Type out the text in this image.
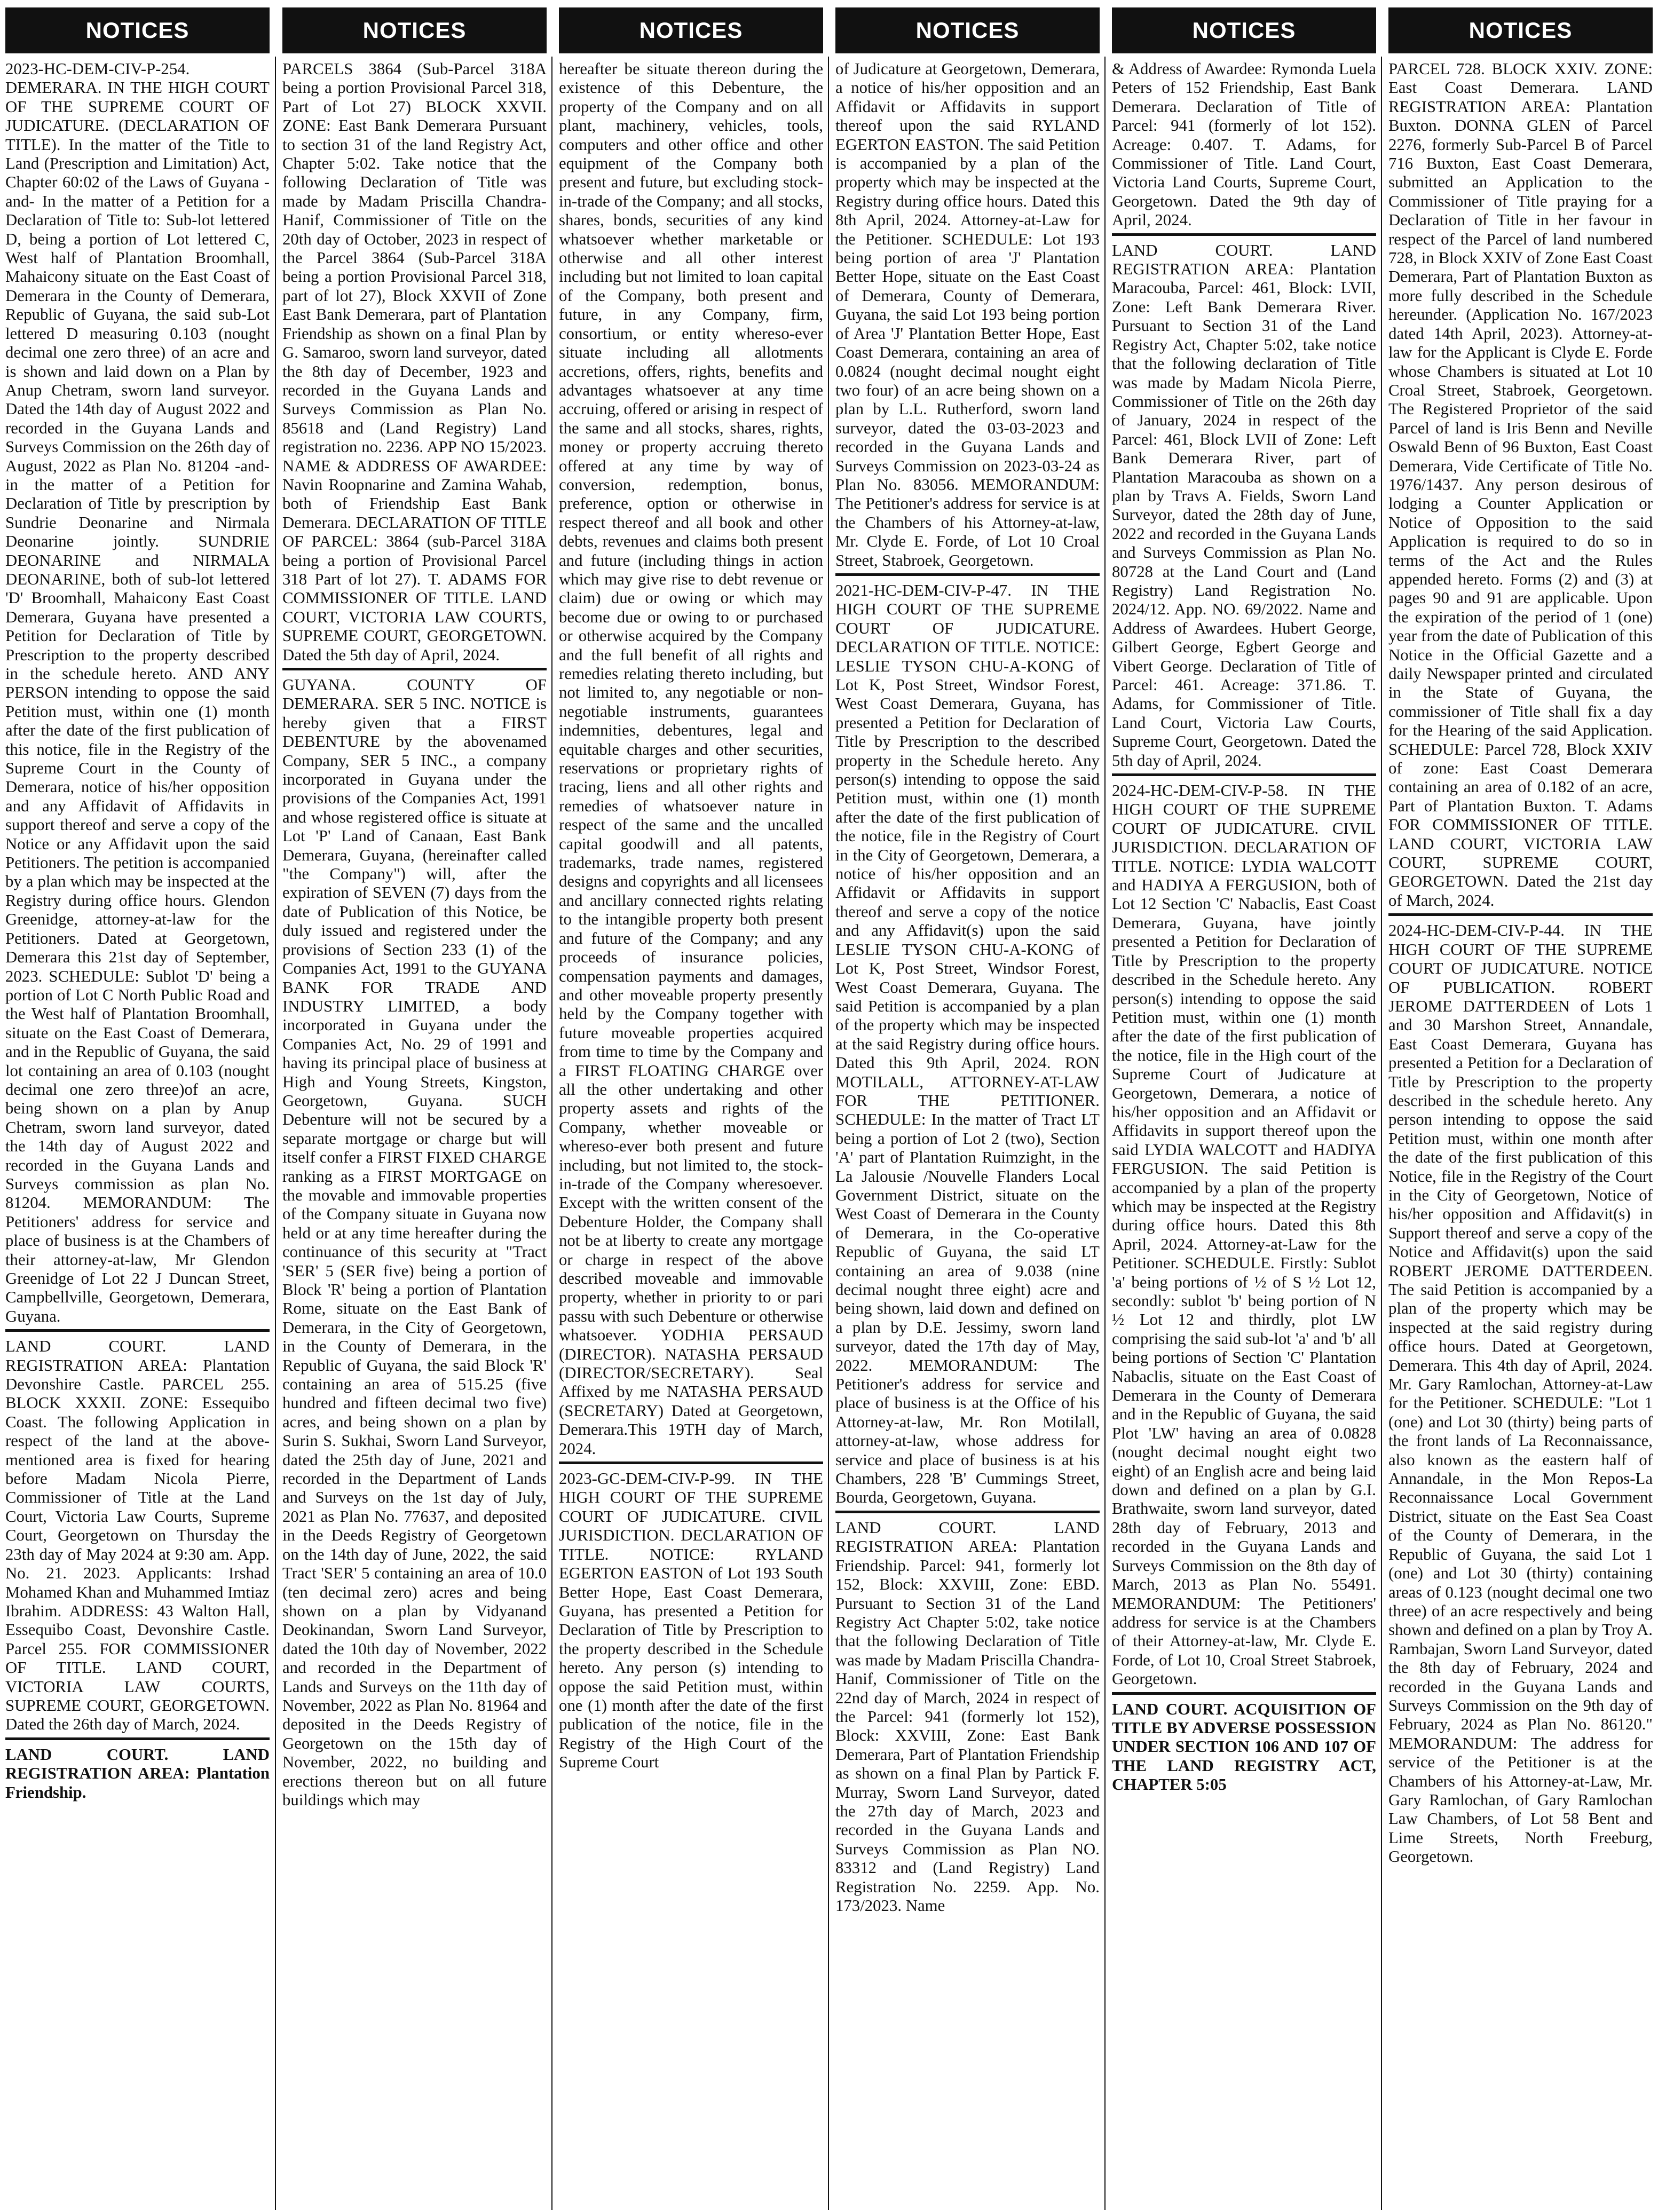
NOTICES

2023-HC-DEM-CIV-P-254. DEMERARA. IN THE HIGH COURT OF THE SUPREME COURT OF JUDICATURE. (DECLARATION OF TITLE). In the matter of the Title to Land (Prescription and Limitation) Act, Chapter 60:02 of the Laws of Guyana -and- In the matter of a Petition for a Declaration of Title to: Sub-lot lettered D, being a portion of Lot lettered C, West half of Plantation Broomhall, Mahaicony situate on the East Coast of Demerara in the County of Demerara, Republic of Guyana, the said sub-Lot lettered D measuring 0.103 (nought decimal one zero three) of an acre and is shown and laid down on a Plan by Anup Chetram, sworn land surveyor. Dated the 14th day of August 2022 and recorded in the Guyana Lands and Surveys Commission on the 26th day of August, 2022 as Plan No. 81204 -and- in the matter of a Petition for Declaration of Title by prescription by Sundrie Deonarine and Nirmala Deonarine jointly. SUNDRIE DEONARINE and NIRMALA DEONARINE, both of sub-lot lettered 'D' Broomhall, Mahaicony East Coast Demerara, Guyana have presented a Petition for Declaration of Title by Prescription to the property described in the schedule hereto. AND ANY PERSON intending to oppose the said Petition must, within one (1) month after the date of the first publication of this notice, file in the Registry of the Supreme Court in the County of Demerara, notice of his/her opposition and any Affidavit of Affidavits in support thereof and serve a copy of the Notice or any Affidavit upon the said Petitioners. The petition is accompanied by a plan which may be inspected at the Registry during office hours. Glendon Greenidge, attorney-at-law for the Petitioners. Dated at Georgetown, Demerara this 21st day of September, 2023. SCHEDULE: Sublot 'D' being a portion of Lot C North Public Road and the West half of Plantation Broomhall, situate on the East Coast of Demerara, and in the Republic of Guyana, the said lot containing an area of 0.103 (nought decimal one zero three)of an acre, being shown on a plan by Anup Chetram, sworn land surveyor, dated the 14th day of August 2022 and recorded in the Guyana Lands and Surveys commission as plan No. 81204. MEMORANDUM: The Petitioners' address for service and place of business is at the Chambers of their attorney-at-law, Mr Glendon Greenidge of Lot 22 J Duncan Street, Campbellville, Georgetown, Demerara, Guyana.

LAND COURT. LAND REGISTRATION AREA: Plantation Devonshire Castle. PARCEL 255. BLOCK XXXII. ZONE: Essequibo Coast. The following Application in respect of the land at the above-mentioned area is fixed for hearing before Madam Nicola Pierre, Commissioner of Title at the Land Court, Victoria Law Courts, Supreme Court, Georgetown on Thursday the 23th day of May 2024 at 9:30 am. App. No. 21. 2023. Applicants: Irshad Mohamed Khan and Muhammed Imtiaz Ibrahim. ADDRESS: 43 Walton Hall, Essequibo Coast, Devonshire Castle. Parcel 255. FOR COMMISSIONER OF TITLE. LAND COURT, VICTORIA LAW COURTS, SUPREME COURT, GEORGETOWN. Dated the 26th day of March, 2024.

LAND COURT. LAND REGISTRATION AREA: Plantation Friendship.

NOTICES

PARCELS 3864 (Sub-Parcel 318A being a portion Provisional Parcel 318, Part of Lot 27) BLOCK XXVII. ZONE: East Bank Demerara Pursuant to section 31 of the land Registry Act, Chapter 5:02. Take notice that the following Declaration of Title was made by Madam Priscilla Chandra-Hanif, Commissioner of Title on the 20th day of October, 2023 in respect of the Parcel 3864 (Sub-Parcel 318A being a portion Provisional Parcel 318, part of lot 27), Block XXVII of Zone East Bank Demerara, part of Plantation Friendship as shown on a final Plan by G. Samaroo, sworn land surveyor, dated the 8th day of December, 1923 and recorded in the Guyana Lands and Surveys Commission as Plan No. 85618 and (Land Registry) Land registration no. 2236. APP NO 15/2023. NAME & ADDRESS OF AWARDEE: Navin Roopnarine and Zamina Wahab, both of Friendship East Bank Demerara. DECLARATION OF TITLE OF PARCEL: 3864 (sub-Parcel 318A being a portion of Provisional Parcel 318 Part of lot 27). T. ADAMS FOR COMMISSIONER OF TITLE. LAND COURT, VICTORIA LAW COURTS, SUPREME COURT, GEORGETOWN. Dated the 5th day of April, 2024.

GUYANA. COUNTY OF DEMERARA. SER 5 INC. NOTICE is hereby given that a FIRST DEBENTURE by the abovenamed Company, SER 5 INC., a company incorporated in Guyana under the provisions of the Companies Act, 1991 and whose registered office is situate at Lot 'P' Land of Canaan, East Bank Demerara, Guyana, (hereinafter called "the Company") will, after the expiration of SEVEN (7) days from the date of Publication of this Notice, be duly issued and registered under the provisions of Section 233 (1) of the Companies Act, 1991 to the GUYANA BANK FOR TRADE AND INDUSTRY LIMITED, a body incorporated in Guyana under the Companies Act, No. 29 of 1991 and having its principal place of business at High and Young Streets, Kingston, Georgetown, Guyana. SUCH Debenture will not be secured by a separate mortgage or charge but will itself confer a FIRST FIXED CHARGE ranking as a FIRST MORTGAGE on the movable and immovable properties of the Company situate in Guyana now held or at any time hereafter during the continuance of this security at "Tract 'SER' 5 (SER five) being a portion of Block 'R' being a portion of Plantation Rome, situate on the East Bank of Demerara, in the City of Georgetown, in the County of Demerara, in the Republic of Guyana, the said Block 'R' containing an area of 515.25 (five hundred and fifteen decimal two five) acres, and being shown on a plan by Surin S. Sukhai, Sworn Land Surveyor, dated the 25th day of June, 2021 and recorded in the Department of Lands and Surveys on the 1st day of July, 2021 as Plan No. 77637, and deposited in the Deeds Registry of Georgetown on the 14th day of June, 2022, the said Tract 'SER' 5 containing an area of 10.0 (ten decimal zero) acres and being shown on a plan by Vidyanand Deokinandan, Sworn Land Surveyor, dated the 10th day of November, 2022 and recorded in the Department of Lands and Surveys on the 11th day of November, 2022 as Plan No. 81964 and deposited in the Deeds Registry of Georgetown on the 15th day of November, 2022, no building and erections thereon but on all future buildings which may

NOTICES

hereafter be situate thereon during the existence of this Debenture, the property of the Company and on all plant, machinery, vehicles, tools, computers and other office and other equipment of the Company both present and future, but excluding stock-in-trade of the Company; and all stocks, shares, bonds, securities of any kind whatsoever whether marketable or otherwise and all other interest including but not limited to loan capital of the Company, both present and future, in any Company, firm, consortium, or entity whereso-ever situate including all allotments accretions, offers, rights, benefits and advantages whatsoever at any time accruing, offered or arising in respect of the same and all stocks, shares, rights, money or property accruing thereto offered at any time by way of conversion, redemption, bonus, preference, option or otherwise in respect thereof and all book and other debts, revenues and claims both present and future (including things in action which may give rise to debt revenue or claim) due or owing or which may become due or owing to or purchased or otherwise acquired by the Company and the full benefit of all rights and remedies relating thereto including, but not limited to, any negotiable or non-negotiable instruments, guarantees indemnities, debentures, legal and equitable charges and other securities, reservations or proprietary rights of tracing, liens and all other rights and remedies of whatsoever nature in respect of the same and the uncalled capital goodwill and all patents, trademarks, trade names, registered designs and copyrights and all licensees and ancillary connected rights relating to the intangible property both present and future of the Company; and any proceeds of insurance policies, compensation payments and damages, and other moveable property presently held by the Company together with future moveable properties acquired from time to time by the Company and a FIRST FLOATING CHARGE over all the other undertaking and other property assets and rights of the Company, whether moveable or whereso-ever both present and future including, but not limited to, the stock-in-trade of the Company wheresoever. Except with the written consent of the Debenture Holder, the Company shall not be at liberty to create any mortgage or charge in respect of the above described moveable and immovable property, whether in priority to or pari passu with such Debenture or otherwise whatsoever. YODHIA PERSAUD (DIRECTOR). NATASHA PERSAUD (DIRECTOR/SECRETARY). Seal Affixed by me NATASHA PERSAUD (SECRETARY) Dated at Georgetown, Demerara.This 19TH day of March, 2024.

2023-GC-DEM-CIV-P-99. IN THE HIGH COURT OF THE SUPREME COURT OF JUDICATURE. CIVIL JURISDICTION. DECLARATION OF TITLE. NOTICE: RYLAND EGERTON EASTON of Lot 193 South Better Hope, East Coast Demerara, Guyana, has presented a Petition for Declaration of Title by Prescription to the property described in the Schedule hereto. Any person (s) intending to oppose the said Petition must, within one (1) month after the date of the first publication of the notice, file in the Registry of the High Court of the Supreme Court

NOTICES

of Judicature at Georgetown, Demerara, a notice of his/her opposition and an Affidavit or Affidavits in support thereof upon the said RYLAND EGERTON EASTON. The said Petition is accompanied by a plan of the property which may be inspected at the Registry during office hours. Dated this 8th April, 2024. Attorney-at-Law for the Petitioner. SCHEDULE: Lot 193 being portion of area 'J' Plantation Better Hope, situate on the East Coast of Demerara, County of Demerara, Guyana, the said Lot 193 being portion of Area 'J' Plantation Better Hope, East Coast Demerara, containing an area of 0.0824 (nought decimal nought eight two four) of an acre being shown on a plan by L.L. Rutherford, sworn land surveyor, dated the 03-03-2023 and recorded in the Guyana Lands and Surveys Commission on 2023-03-24 as Plan No. 83056. MEMORANDUM: The Petitioner's address for service is at the Chambers of his Attorney-at-law, Mr. Clyde E. Forde, of Lot 10 Croal Street, Stabroek, Georgetown.

2021-HC-DEM-CIV-P-47. IN THE HIGH COURT OF THE SUPREME COURT OF JUDICATURE. DECLARATION OF TITLE. NOTICE: LESLIE TYSON CHU-A-KONG of Lot K, Post Street, Windsor Forest, West Coast Demerara, Guyana, has presented a Petition for Declaration of Title by Prescription to the described property in the Schedule hereto. Any person(s) intending to oppose the said Petition must, within one (1) month after the date of the first publication of the notice, file in the Registry of Court in the City of Georgetown, Demerara, a notice of his/her opposition and an Affidavit or Affidavits in support thereof and serve a copy of the notice and any Affidavit(s) upon the said LESLIE TYSON CHU-A-KONG of Lot K, Post Street, Windsor Forest, West Coast Demerara, Guyana. The said Petition is accompanied by a plan of the property which may be inspected at the said Registry during office hours. Dated this 9th April, 2024. RON MOTILALL, ATTORNEY-AT-LAW FOR THE PETITIONER. SCHEDULE: In the matter of Tract LT being a portion of Lot 2 (two), Section 'A' part of Plantation Ruimzight, in the La Jalousie /Nouvelle Flanders Local Government District, situate on the West Coast of Demerara in the County of Demerara, in the Co-operative Republic of Guyana, the said LT containing an area of 9.038 (nine decimal nought three eight) acre and being shown, laid down and defined on a plan by D.E. Jessimy, sworn land surveyor, dated the 17th day of May, 2022. MEMORANDUM: The Petitioner's address for service and place of business is at the Office of his Attorney-at-law, Mr. Ron Motilall, attorney-at-law, whose address for service and place of business is at his Chambers, 228 'B' Cummings Street, Bourda, Georgetown, Guyana.

LAND COURT. LAND REGISTRATION AREA: Plantation Friendship. Parcel: 941, formerly lot 152, Block: XXVIII, Zone: EBD. Pursuant to Section 31 of the Land Registry Act Chapter 5:02, take notice that the following Declaration of Title was made by Madam Priscilla Chandra-Hanif, Commissioner of Title on the 22nd day of March, 2024 in respect of the Parcel: 941 (formerly lot 152), Block: XXVIII, Zone: East Bank Demerara, Part of Plantation Friendship as shown on a final Plan by Partick F. Murray, Sworn Land Surveyor, dated the 27th day of March, 2023 and recorded in the Guyana Lands and Surveys Commission as Plan NO. 83312 and (Land Registry) Land Registration No. 2259. App. No. 173/2023. Name

NOTICES

& Address of Awardee: Rymonda Luela Peters of 152 Friendship, East Bank Demerara. Declaration of Title of Parcel: 941 (formerly of lot 152). Acreage: 0.407. T. Adams, for Commissioner of Title. Land Court, Victoria Land Courts, Supreme Court, Georgetown. Dated the 9th day of April, 2024.

LAND COURT. LAND REGISTRATION AREA: Plantation Maracouba, Parcel: 461, Block: LVII, Zone: Left Bank Demerara River. Pursuant to Section 31 of the Land Registry Act, Chapter 5:02, take notice that the following declaration of Title was made by Madam Nicola Pierre, Commissioner of Title on the 26th day of January, 2024 in respect of the Parcel: 461, Block LVII of Zone: Left Bank Demerara River, part of Plantation Maracouba as shown on a plan by Travs A. Fields, Sworn Land Surveyor, dated the 28th day of June, 2022 and recorded in the Guyana Lands and Surveys Commission as Plan No. 80728 at the Land Court and (Land Registry) Land Registration No. 2024/12. App. NO. 69/2022. Name and Address of Awardees. Hubert George, Gilbert George, Egbert George and Vibert George. Declaration of Title of Parcel: 461. Acreage: 371.86. T. Adams, for Commissioner of Title. Land Court, Victoria Law Courts, Supreme Court, Georgetown. Dated the 5th day of April, 2024.

2024-HC-DEM-CIV-P-58. IN THE HIGH COURT OF THE SUPREME COURT OF JUDICATURE. CIVIL JURISDICTION. DECLARATION OF TITLE. NOTICE: LYDIA WALCOTT and HADIYA A FERGUSION, both of Lot 12 Section 'C' Nabaclis, East Coast Demerara, Guyana, have jointly presented a Petition for Declaration of Title by Prescription to the property described in the Schedule hereto. Any person(s) intending to oppose the said Petition must, within one (1) month after the date of the first publication of the notice, file in the High court of the Supreme Court of Judicature at Georgetown, Demerara, a notice of his/her opposition and an Affidavit or Affidavits in support thereof upon the said LYDIA WALCOTT and HADIYA FERGUSION. The said Petition is accompanied by a plan of the property which may be inspected at the Registry during office hours. Dated this 8th April, 2024. Attorney-at-Law for the Petitioner. SCHEDULE. Firstly: Sublot 'a' being portions of ½ of S ½ Lot 12, secondly: sublot 'b' being portion of N ½ Lot 12 and thirdly, plot LW comprising the said sub-lot 'a' and 'b' all being portions of Section 'C' Plantation Nabaclis, situate on the East Coast of Demerara in the County of Demerara and in the Republic of Guyana, the said Plot 'LW' having an area of 0.0828 (nought decimal nought eight two eight) of an English acre and being laid down and defined on a plan by G.I. Brathwaite, sworn land surveyor, dated 28th day of February, 2013 and recorded in the Guyana Lands and Surveys Commission on the 8th day of March, 2013 as Plan No. 55491. MEMORANDUM: The Petitioners' address for service is at the Chambers of their Attorney-at-law, Mr. Clyde E. Forde, of Lot 10, Croal Street Stabroek, Georgetown.

LAND COURT. ACQUISITION OF TITLE BY ADVERSE POSSESSION UNDER SECTION 106 AND 107 OF THE LAND REGISTRY ACT, CHAPTER 5:05

NOTICES

PARCEL 728. BLOCK XXIV. ZONE: East Coast Demerara. LAND REGISTRATION AREA: Plantation Buxton. DONNA GLEN of Parcel 2276, formerly Sub-Parcel B of Parcel 716 Buxton, East Coast Demerara, submitted an Application to the Commissioner of Title praying for a Declaration of Title in her favour in respect of the Parcel of land numbered 728, in Block XXIV of Zone East Coast Demerara, Part of Plantation Buxton as more fully described in the Schedule hereunder. (Application No. 167/2023 dated 14th April, 2023). Attorney-at-law for the Applicant is Clyde E. Forde whose Chambers is situated at Lot 10 Croal Street, Stabroek, Georgetown. The Registered Proprietor of the said Parcel of land is Iris Benn and Neville Oswald Benn of 96 Buxton, East Coast Demerara, Vide Certificate of Title No. 1976/1437. Any person desirous of lodging a Counter Application or Notice of Opposition to the said Application is required to do so in terms of the Act and the Rules appended hereto. Forms (2) and (3) at pages 90 and 91 are applicable. Upon the expiration of the period of 1 (one) year from the date of Publication of this Notice in the Official Gazette and a daily Newspaper printed and circulated in the State of Guyana, the commissioner of Title shall fix a day for the Hearing of the said Application. SCHEDULE: Parcel 728, Block XXIV of zone: East Coast Demerara containing an area of 0.182 of an acre, Part of Plantation Buxton. T. Adams FOR COMMISSIONER OF TITLE. LAND COURT, VICTORIA LAW COURT, SUPREME COURT, GEORGETOWN. Dated the 21st day of March, 2024.

2024-HC-DEM-CIV-P-44. IN THE HIGH COURT OF THE SUPREME COURT OF JUDICATURE. NOTICE OF PUBLICATION. ROBERT JEROME DATTERDEEN of Lots 1 and 30 Marshon Street, Annandale, East Coast Demerara, Guyana has presented a Petition for a Declaration of Title by Prescription to the property described in the schedule hereto. Any person intending to oppose the said Petition must, within one month after the date of the first publication of this Notice, file in the Registry of the Court in the City of Georgetown, Notice of his/her opposition and Affidavit(s) in Support thereof and serve a copy of the Notice and Affidavit(s) upon the said ROBERT JEROME DATTERDEEN. The said Petition is accompanied by a plan of the property which may be inspected at the said registry during office hours. Dated at Georgetown, Demerara. This 4th day of April, 2024. Mr. Gary Ramlochan, Attorney-at-Law for the Petitioner. SCHEDULE: "Lot 1 (one) and Lot 30 (thirty) being parts of the front lands of La Reconnaissance, also known as the eastern half of Annandale, in the Mon Repos-La Reconnaissance Local Government District, situate on the East Sea Coast of the County of Demerara, in the Republic of Guyana, the said Lot 1 (one) and Lot 30 (thirty) containing areas of 0.123 (nought decimal one two three) of an acre respectively and being shown and defined on a plan by Troy A. Rambajan, Sworn Land Surveyor, dated the 8th day of February, 2024 and recorded in the Guyana Lands and Surveys Commission on the 9th day of February, 2024 as Plan No. 86120." MEMORANDUM: The address for service of the Petitioner is at the Chambers of his Attorney-at-Law, Mr. Gary Ramlochan, of Gary Ramlochan Law Chambers, of Lot 58 Bent and Lime Streets, North Freeburg, Georgetown.
